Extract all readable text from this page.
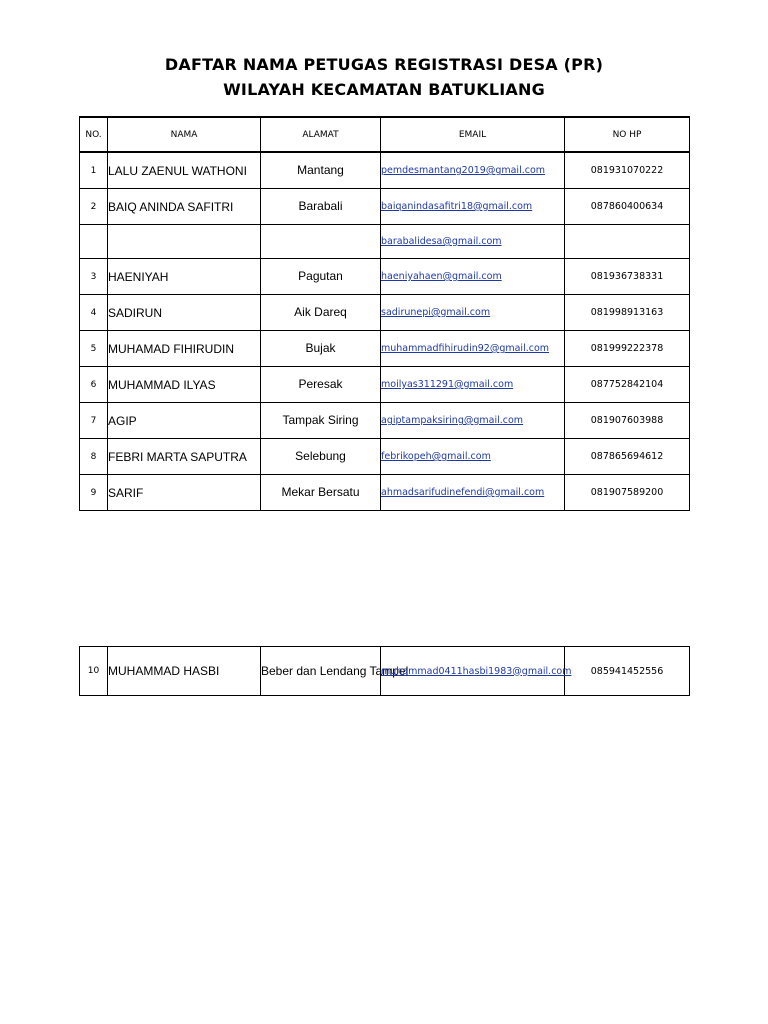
DAFTAR NAMA PETUGAS REGISTRASI DESA (PR)
WILAYAH KECAMATAN BATUKLIANG
NO.	NAMA	ALAMAT	EMAIL	NO HP
1	LALU ZAENUL WATHONI	Mantang	pemdesmantang2019@gmail.com	081931070222
2	BAIQ ANINDA SAFITRI	Barabali	baiqanindasafitri18@gmail.com	087860400634
			barabalidesa@gmail.com	
3	HAENIYAH	Pagutan	haeniyahaen@gmail.com	081936738331
4	SADIRUN	Aik Dareq	sadirunepi@gmail.com	081998913163
5	MUHAMAD FIHIRUDIN	Bujak	muhammadfihirudin92@gmail.com	081999222378
6	MUHAMMAD ILYAS	Peresak	moilyas311291@gmail.com	087752842104
7	AGIP	Tampak Siring	agiptampaksiring@gmail.com	081907603988
8	FEBRI MARTA SAPUTRA	Selebung	febrikopeh@gmail.com	087865694612
9	SARIF	Mekar Bersatu	ahmadsarifudinefendi@gmail.com	081907589200
10	MUHAMMAD HASBI	Beber dan Lendang Tampel	muhammad0411hasbi1983@gmail.com	085941452556
